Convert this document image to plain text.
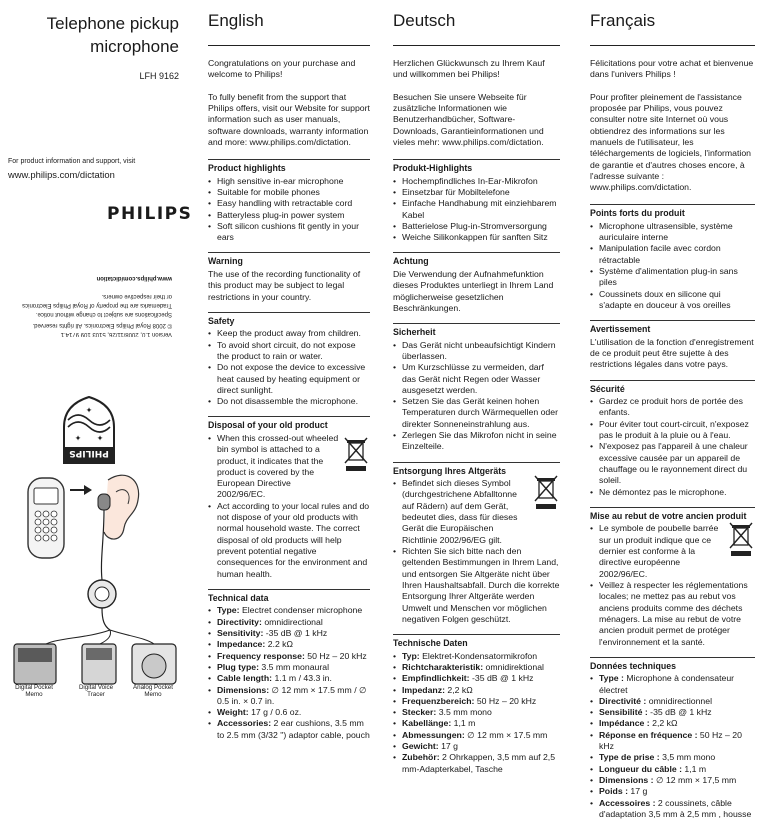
Telephone pickup microphone
LFH 9162
For product information and support, visit
www.philips.com/dictation
PHILIPS
Version 1.0, 2008/11/26, 5103 109 9714.1
© 2008 Royal Philips Electronics. All rights reserved.
Specifications are subject to change without notice. Trademarks are the property of Royal Philips Electronics or their respective owners.
www.philips.com/dictation
PHILIPS
✦
✦
✦
Digital Pocket Memo
Digital Voice Tracer
Analog Pocket Memo
English

Congratulations on your purchase and welcome to Philips!

To fully benefit from the support that Philips offers, visit our Website for support information such as user manuals, software downloads, warranty information and more: www.philips.com/dictation.

Product highlights
• High sensitive in-ear microphone
• Suitable for mobile phones
• Easy handling with retractable cord
• Batteryless plug-in power system
• Soft silicon cushions fit gently in your ears
Warning

The use of the recording functionality of this product may be subject to legal restrictions in your country.

Safety
• Keep the product away from children.
• To avoid short circuit, do not expose the product to rain or water.
• Do not expose the device to excessive heat caused by heating equipment or direct sunlight.
• Do not disassemble the microphone.
Disposal of your old product
• When this crossed-out wheeled bin symbol is attached to a product, it indicates that the product is covered by the European Directive 2002/96/EC.
• Act according to your local rules and do not dispose of your old products with normal household waste. The correct disposal of old products will help prevent potential negative consequences for the environment and human health.
Technical data
• Type: Electret condenser microphone
• Directivity: omnidirectional
• Sensitivity: -35 dB @ 1 kHz
• Impedance: 2.2 kΩ
• Frequency response: 50 Hz – 20 kHz
• Plug type: 3.5 mm monaural
• Cable length: 1.1 m / 43.3 in.
• Dimensions: ∅ 12 mm × 17.5 mm / ∅ 0.5 in. × 0.7 in.
• Weight: 17 g / 0.6 oz.
• Accessories: 2 ear cushions, 3.5 mm to 2.5 mm (3/32 ") adaptor cable, pouch
Deutsch

Herzlichen Glückwunsch zu Ihrem Kauf und willkommen bei Philips!

Besuchen Sie unsere Webseite für zusätzliche Informationen wie Benutzerhandbücher, Software-Downloads, Garantieinformationen und vieles mehr: www.philips.com/dictation.

Produkt-Highlights
• Hochempfindliches In-Ear-Mikrofon
• Einsetzbar für Mobiltelefone
• Einfache Handhabung mit einziehbarem Kabel
• Batterielose Plug-in-Stromversorgung
• Weiche Silikonkappen für sanften Sitz
Achtung

Die Verwendung der Aufnahmefunktion dieses Produktes unterliegt in Ihrem Land möglicherweise gesetzlichen Beschränkungen.

Sicherheit
• Das Gerät nicht unbeaufsichtigt Kindern überlassen.
• Um Kurzschlüsse zu vermeiden, darf das Gerät nicht Regen oder Wasser ausgesetzt werden.
• Setzen Sie das Gerät keinen hohen Temperaturen durch Wärmequellen oder direkter Sonneneinstrahlung aus.
• Zerlegen Sie das Mikrofon nicht in seine Einzelteile.
Entsorgung Ihres Altgeräts
• Befindet sich dieses Symbol (durchgestrichene Abfalltonne auf Rädern) auf dem Gerät, bedeutet dies, dass für dieses Gerät die Europäischen Richtlinie 2002/96/EG gilt.
• Richten Sie sich bitte nach den geltenden Bestimmungen in Ihrem Land, und entsorgen Sie Altgeräte nicht über Ihren Haushaltsabfall. Durch die korrekte Entsorgung Ihrer Altgeräte werden Umwelt und Menschen vor möglichen negativen Folgen geschützt.
Technische Daten
• Typ: Elektret-Kondensatormikrofon
• Richtcharakteristik: omnidirektional
• Empfindlichkeit: -35 dB @ 1 kHz
• Impedanz: 2,2 kΩ
• Frequenzbereich: 50 Hz – 20 kHz
• Stecker: 3.5 mm mono
• Kabellänge: 1,1 m
• Abmessungen: ∅ 12 mm × 17.5 mm
• Gewicht: 17 g
• Zubehör: 2 Ohrkappen, 3,5 mm auf 2,5 mm-Adapterkabel, Tasche
Français

Félicitations pour votre achat et bienvenue dans l'univers Philips !

Pour profiter pleinement de l'assistance proposée par Philips, vous pouvez consulter notre site Internet où vous obtiendrez des informations sur les manuels de l'utilisateur, les téléchargements de logiciels, l'information de garantie et d'autres choses encore, à l'adresse suivante : www.philips.com/dictation.

Points forts du produit
• Microphone ultrasensible, système auriculaire interne
• Manipulation facile avec cordon rétractable
• Système d'alimentation plug-in sans piles
• Coussinets doux en silicone qui s'adapte en douceur à vos oreilles
Avertissement

L'utilisation de la fonction d'enregistrement de ce produit peut être sujette à des restrictions légales dans votre pays.

Sécurité
• Gardez ce produit hors de portée des enfants.
• Pour éviter tout court-circuit, n'exposez pas le produit à la pluie ou à l'eau.
• N'exposez pas l'appareil à une chaleur excessive causée par un appareil de chauffage ou le rayonnement direct du soleil.
• Ne démontez pas le microphone.
Mise au rebut de votre ancien produit
• Le symbole de poubelle barrée sur un produit indique que ce dernier est conforme à la directive européenne 2002/96/EC.
• Veillez à respecter les réglementations locales; ne mettez pas au rebut vos anciens produits comme des déchets ménagers. La mise au rebut de votre ancien produit permet de protéger l'environnement et la santé.
Données techniques
• Type : Microphone à condensateur électret
• Directivité : omnidirectionnel
• Sensibilité : -35 dB @ 1 kHz
• Impédance : 2,2 kΩ
• Réponse en fréquence : 50 Hz – 20 kHz
• Type de prise : 3,5 mm mono
• Longueur du câble : 1,1 m
• Dimensions : ∅ 12 mm × 17,5 mm
• Poids : 17 g
• Accessoires : 2 coussinets, câble d'adaptation 3,5 mm à 2,5 mm , housse
